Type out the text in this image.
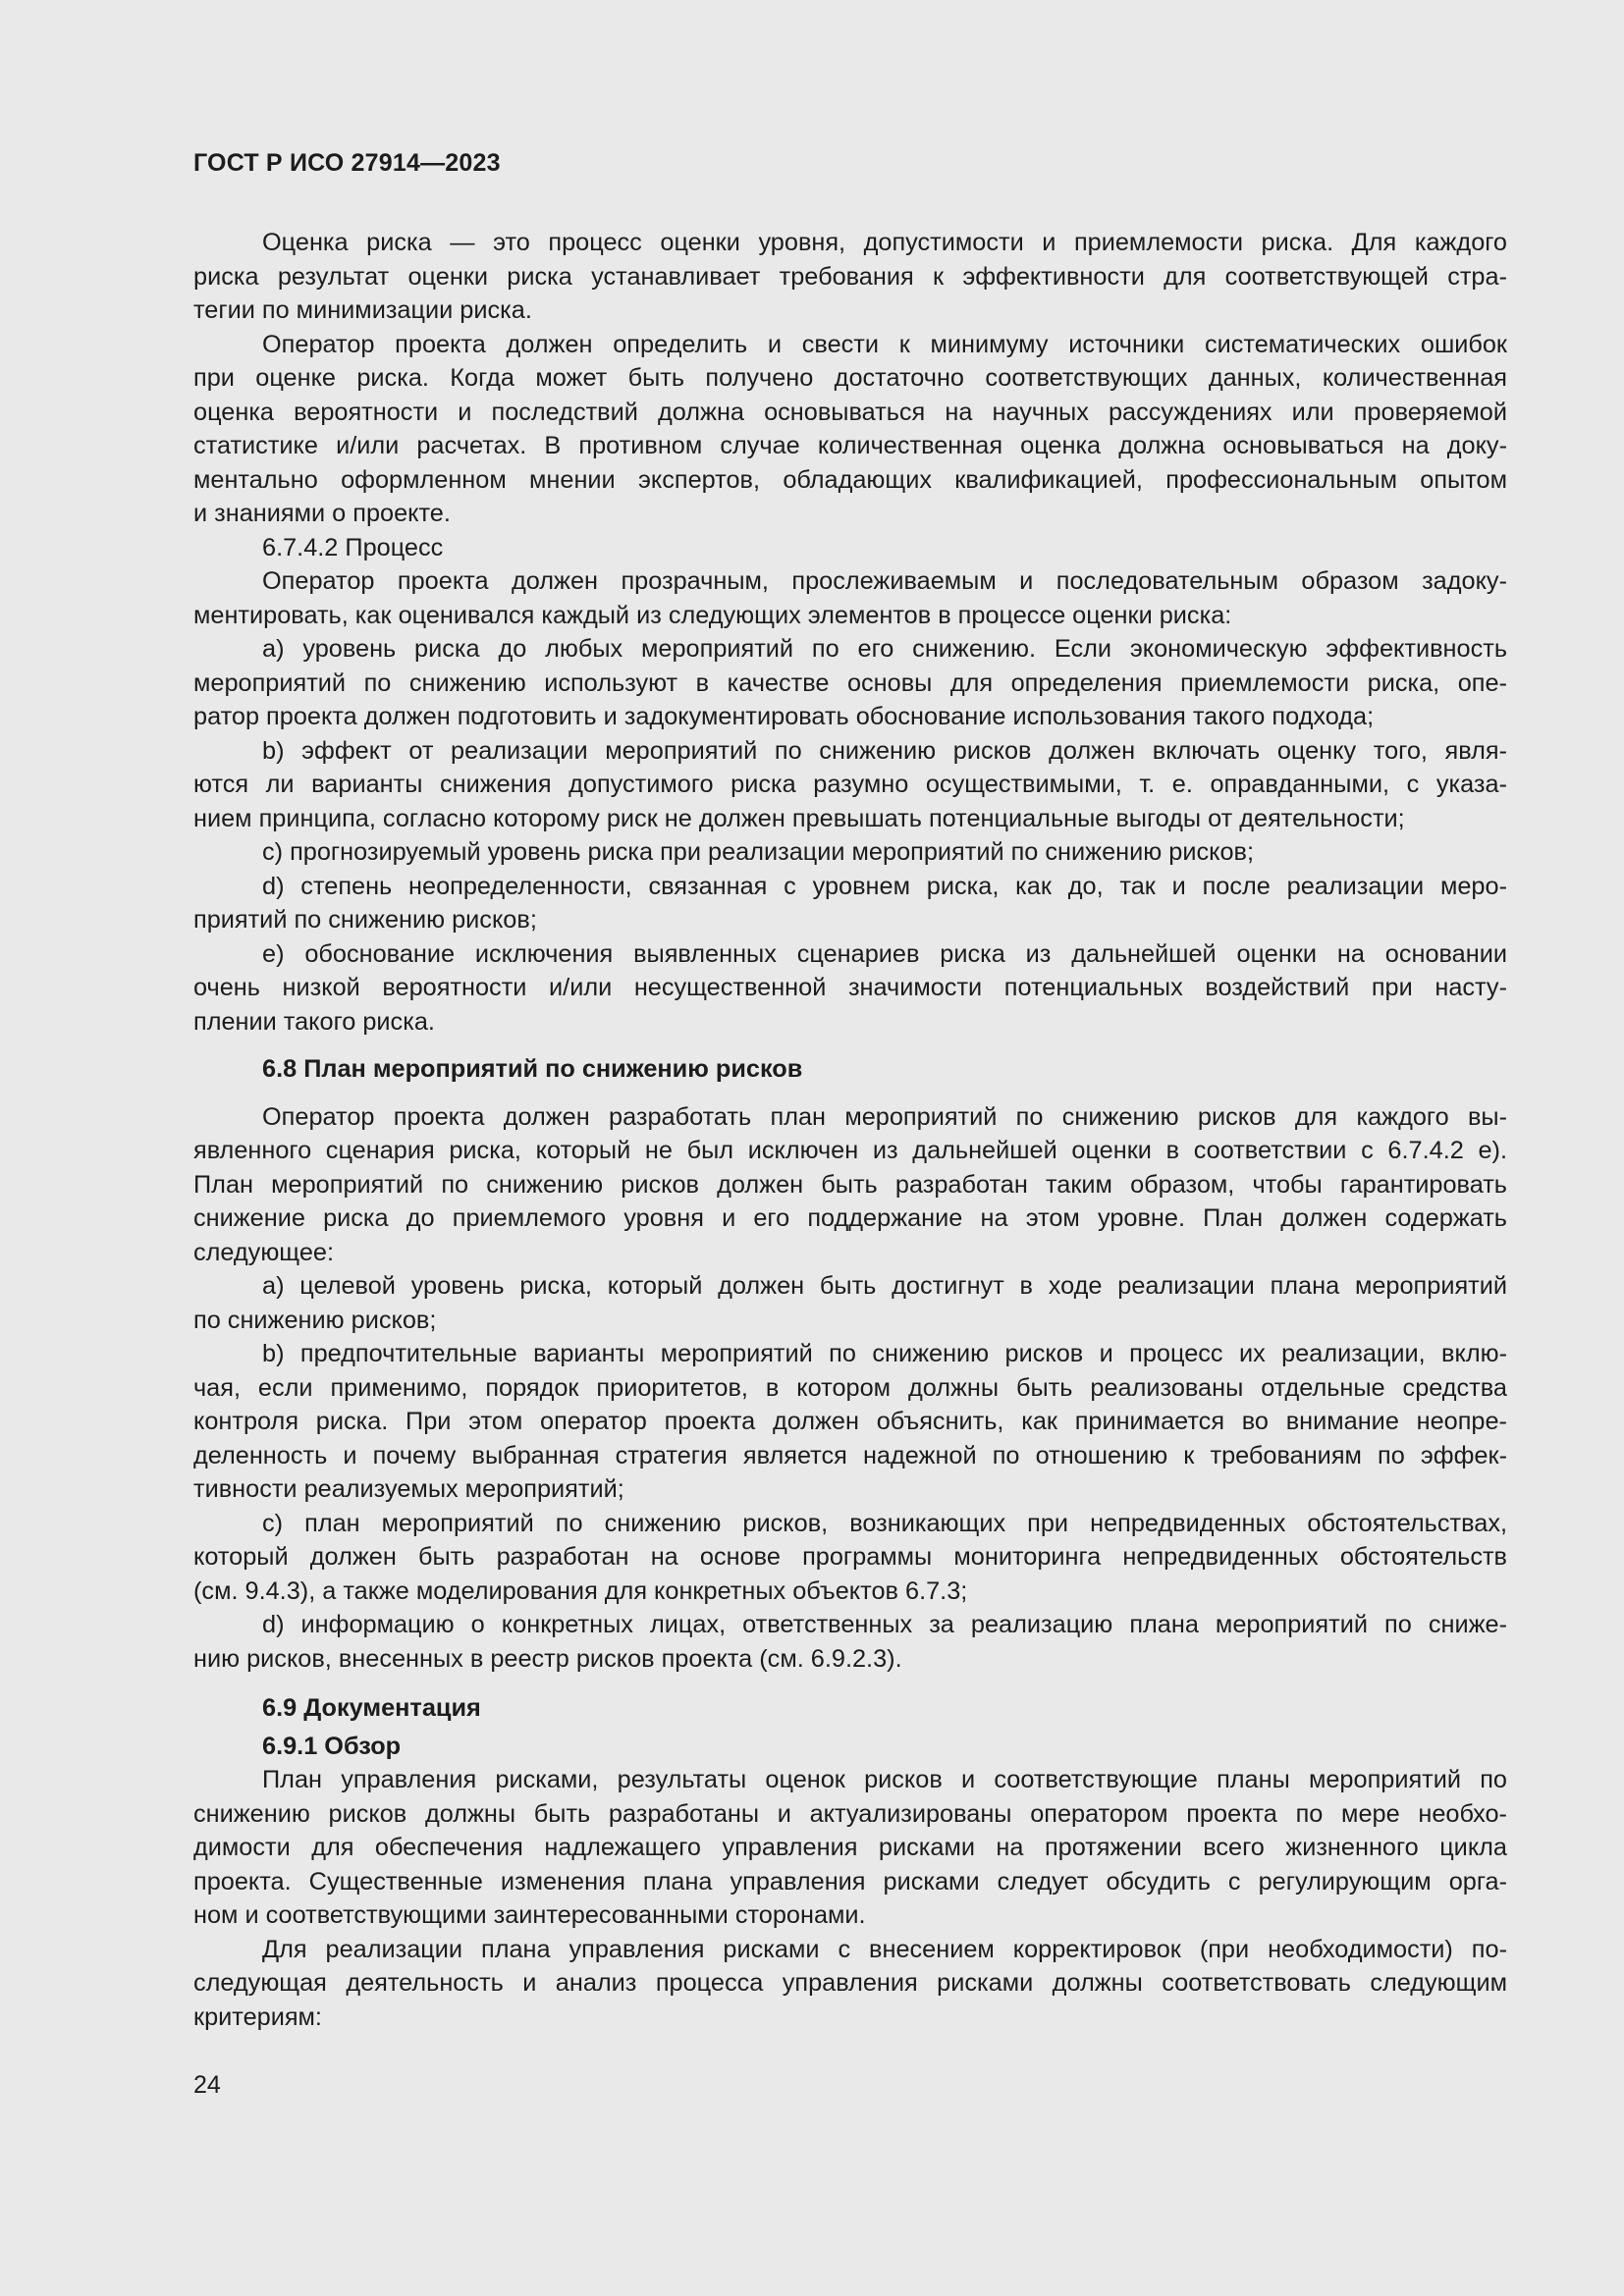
ГОСТ Р ИСО 27914—2023
Оценка риска — это процесс оценки уровня, допустимости и приемлемости риска. Для каждого
риска результат оценки риска устанавливает требования к эффективности для соответствующей стра-
тегии по минимизации риска.
Оператор проекта должен определить и свести к минимуму источники систематических ошибок
при оценке риска. Когда может быть получено достаточно соответствующих данных, количественная
оценка вероятности и последствий должна основываться на научных рассуждениях или проверяемой
статистике и/или расчетах. В противном случае количественная оценка должна основываться на доку-
ментально оформленном мнении экспертов, обладающих квалификацией, профессиональным опытом
и знаниями о проекте.
6.7.4.2 Процесс
Оператор проекта должен прозрачным, прослеживаемым и последовательным образом задоку-
ментировать, как оценивался каждый из следующих элементов в процессе оценки риска:
a) уровень риска до любых мероприятий по его снижению. Если экономическую эффективность
мероприятий по снижению используют в качестве основы для определения приемлемости риска, опе-
ратор проекта должен подготовить и задокументировать обоснование использования такого подхода;
b) эффект от реализации мероприятий по снижению рисков должен включать оценку того, явля-
ются ли варианты снижения допустимого риска разумно осуществимыми, т. е. оправданными, с указа-
нием принципа, согласно которому риск не должен превышать потенциальные выгоды от деятельности;
c) прогнозируемый уровень риска при реализации мероприятий по снижению рисков;
d) степень неопределенности, связанная с уровнем риска, как до, так и после реализации меро-
приятий по снижению рисков;
e) обоснование исключения выявленных сценариев риска из дальнейшей оценки на основании
очень низкой вероятности и/или несущественной значимости потенциальных воздействий при насту-
плении такого риска.
6.8 План мероприятий по снижению рисков
Оператор проекта должен разработать план мероприятий по снижению рисков для каждого вы-
явленного сценария риска, который не был исключен из дальнейшей оценки в соответствии с 6.7.4.2 е).
План мероприятий по снижению рисков должен быть разработан таким образом, чтобы гарантировать
снижение риска до приемлемого уровня и его поддержание на этом уровне. План должен содержать
следующее:
a) целевой уровень риска, который должен быть достигнут в ходе реализации плана мероприятий
по снижению рисков;
b) предпочтительные варианты мероприятий по снижению рисков и процесс их реализации, вклю-
чая, если применимо, порядок приоритетов, в котором должны быть реализованы отдельные средства
контроля риска. При этом оператор проекта должен объяснить, как принимается во внимание неопре-
деленность и почему выбранная стратегия является надежной по отношению к требованиям по эффек-
тивности реализуемых мероприятий;
c) план мероприятий по снижению рисков, возникающих при непредвиденных обстоятельствах,
который должен быть разработан на основе программы мониторинга непредвиденных обстоятельств
(см. 9.4.3), а также моделирования для конкретных объектов 6.7.3;
d) информацию о конкретных лицах, ответственных за реализацию плана мероприятий по сниже-
нию рисков, внесенных в реестр рисков проекта (см. 6.9.2.3).
6.9 Документация
6.9.1 Обзор
План управления рисками, результаты оценок рисков и соответствующие планы мероприятий по
снижению рисков должны быть разработаны и актуализированы оператором проекта по мере необхо-
димости для обеспечения надлежащего управления рисками на протяжении всего жизненного цикла
проекта. Существенные изменения плана управления рисками следует обсудить с регулирующим орга-
ном и соответствующими заинтересованными сторонами.
Для реализации плана управления рисками с внесением корректировок (при необходимости) по-
следующая деятельность и анализ процесса управления рисками должны соответствовать следующим
критериям:
24
